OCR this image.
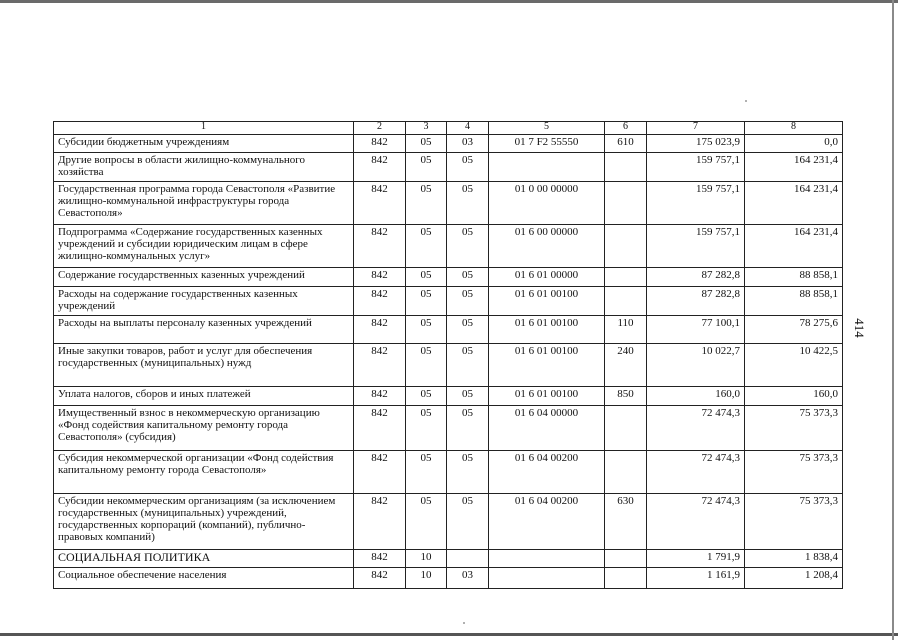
414
1	2	3	4	5	6	7	8
Субсидии бюджетным учреждениям	842	05	03	01 7 F2 55550	610	175 023,9	0,0
Другие вопросы в области жилищно-коммунального хозяйства	842	05	05			159 757,1	164 231,4
Государственная программа города Севастополя «Развитие жилищно-коммунальной инфраструктуры города Севастополя»	842	05	05	01 0 00 00000		159 757,1	164 231,4
Подпрограмма «Содержание государственных казенных учреждений и субсидии юридическим лицам в сфере жилищно-коммунальных услуг»	842	05	05	01 6 00 00000		159 757,1	164 231,4
Содержание государственных казенных учреждений	842	05	05	01 6 01 00000		87 282,8	88 858,1
Расходы на содержание государственных казенных учреждений	842	05	05	01 6 01 00100		87 282,8	88 858,1
Расходы на выплаты персоналу казенных учреждений	842	05	05	01 6 01 00100	110	77 100,1	78 275,6
Иные закупки товаров, работ и услуг для обеспечения государственных (муниципальных) нужд	842	05	05	01 6 01 00100	240	10 022,7	10 422,5
Уплата налогов, сборов и иных платежей	842	05	05	01 6 01 00100	850	160,0	160,0
Имущественный взнос в некоммерческую организацию «Фонд содействия капитальному ремонту города Севастополя» (субсидия)	842	05	05	01 6 04 00000		72 474,3	75 373,3
Субсидия некоммерческой организации «Фонд содействия капитальному ремонту города Севастополя»	842	05	05	01 6 04 00200		72 474,3	75 373,3
Субсидии некоммерческим организациям (за исключением государственных (муниципальных) учреждений, государственных корпораций (компаний), публично-правовых компаний)	842	05	05	01 6 04 00200	630	72 474,3	75 373,3
СОЦИАЛЬНАЯ ПОЛИТИКА	842	10				1 791,9	1 838,4
Социальное обеспечение населения	842	10	03			1 161,9	1 208,4
